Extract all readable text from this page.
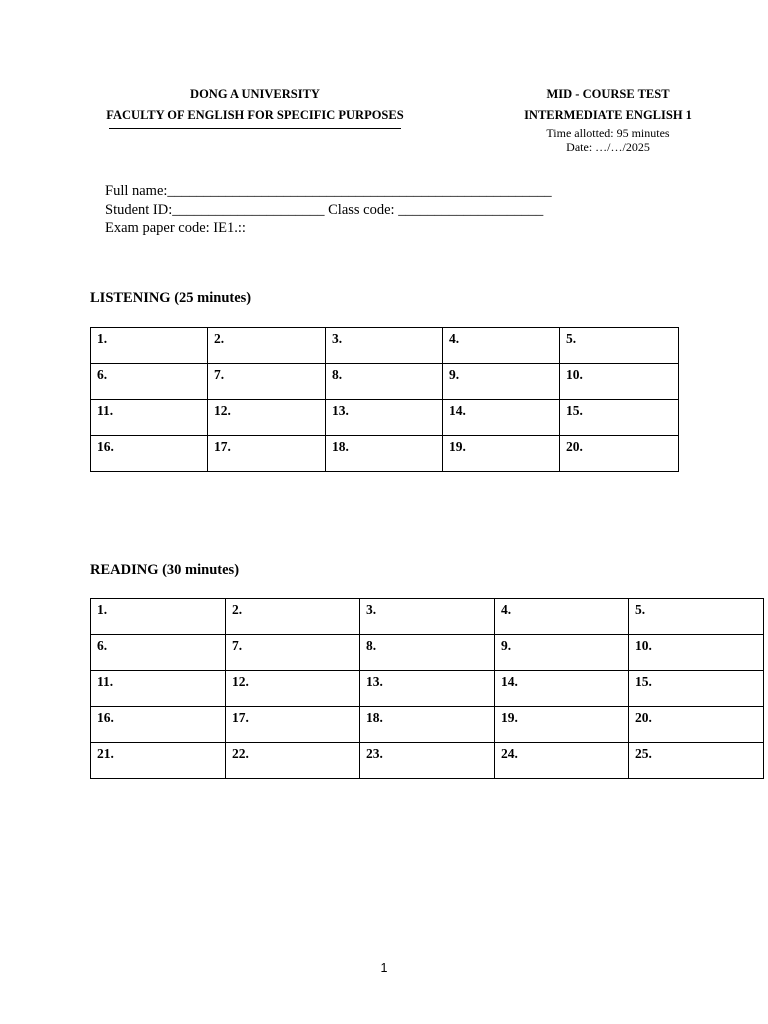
DONG A UNIVERSITY
FACULTY OF ENGLISH FOR SPECIFIC PURPOSES
MID - COURSE TEST
INTERMEDIATE ENGLISH 1
Time allotted: 95 minutes
Date: …/…/2025
Full name:_____________________________________________________
Student ID:_____________________ Class code: ____________________
Exam paper code: IE1.::
LISTENING (25 minutes)
1.	2.	3.	4.	5.
6.	7.	8.	9.	10.
11.	12.	13.	14.	15.
16.	17.	18.	19.	20.
READING (30 minutes)
1.	2.	3.	4.	5.
6.	7.	8.	9.	10.
11.	12.	13.	14.	15.
16.	17.	18.	19.	20.
21.	22.	23.	24.	25.
1
